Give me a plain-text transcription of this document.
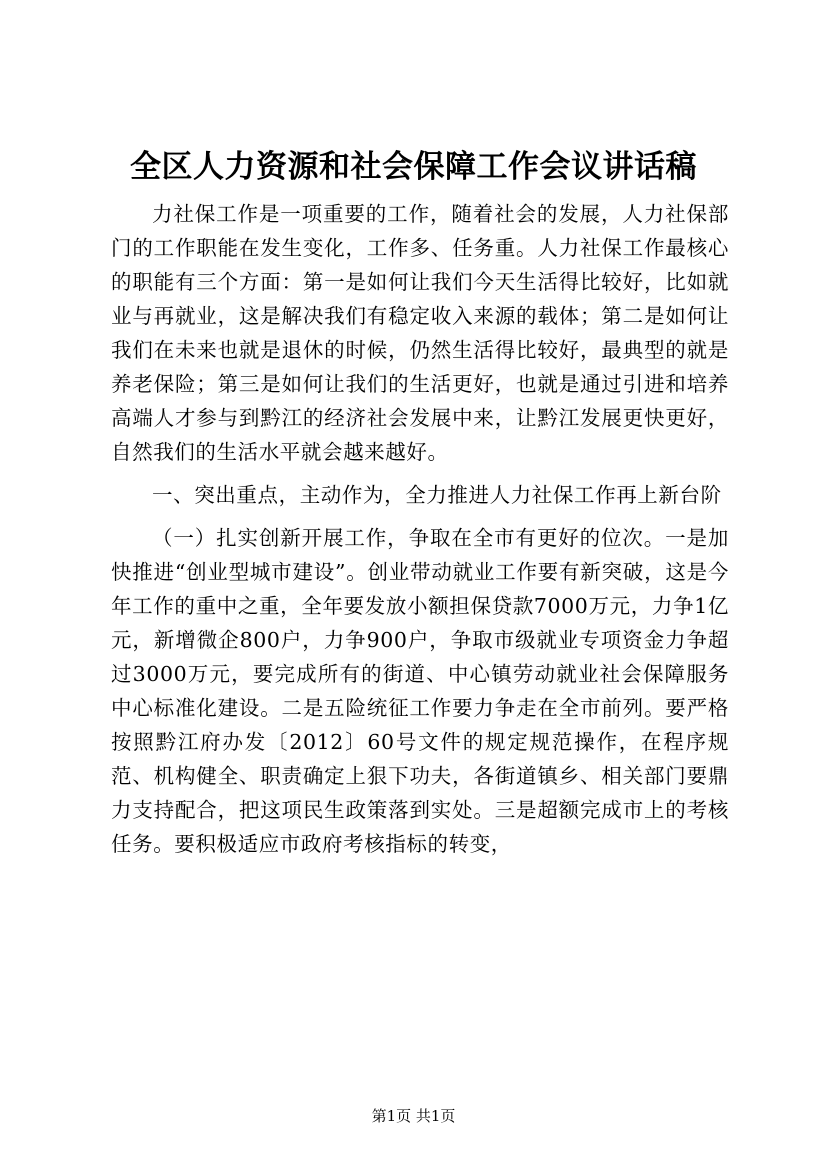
全区人力资源和社会保障工作会议讲话稿

力社保工作是一项重要的工作，随着社会的发展，人力社保部门的工作职能在发生变化，工作多、任务重。人力社保工作最核心的职能有三个方面：第一是如何让我们今天生活得比较好，比如就业与再就业，这是解决我们有稳定收入来源的载体；第二是如何让我们在未来也就是退休的时候，仍然生活得比较好，最典型的就是养老保险；第三是如何让我们的生活更好，也就是通过引进和培养高端人才参与到黔江的经济社会发展中来，让黔江发展更快更好，自然我们的生活水平就会越来越好。

一、突出重点，主动作为，全力推进人力社保工作再上新台阶

（一）扎实创新开展工作，争取在全市有更好的位次。一是加快推进“创业型城市建设”。创业带动就业工作要有新突破，这是今年工作的重中之重，全年要发放小额担保贷款7000万元，力争1亿元，新增微企800户，力争900户，争取市级就业专项资金力争超过3000万元，要完成所有的街道、中心镇劳动就业社会保障服务中心标准化建设。二是五险统征工作要力争走在全市前列。要严格按照黔江府办发〔2012〕60号文件的规定规范操作，在程序规范、机构健全、职责确定上狠下功夫，各街道镇乡、相关部门要鼎力支持配合，把这项民生政策落到实处。三是超额完成市上的考核任务。要积极适应市政府考核指标的转变，

第1页 共1页
